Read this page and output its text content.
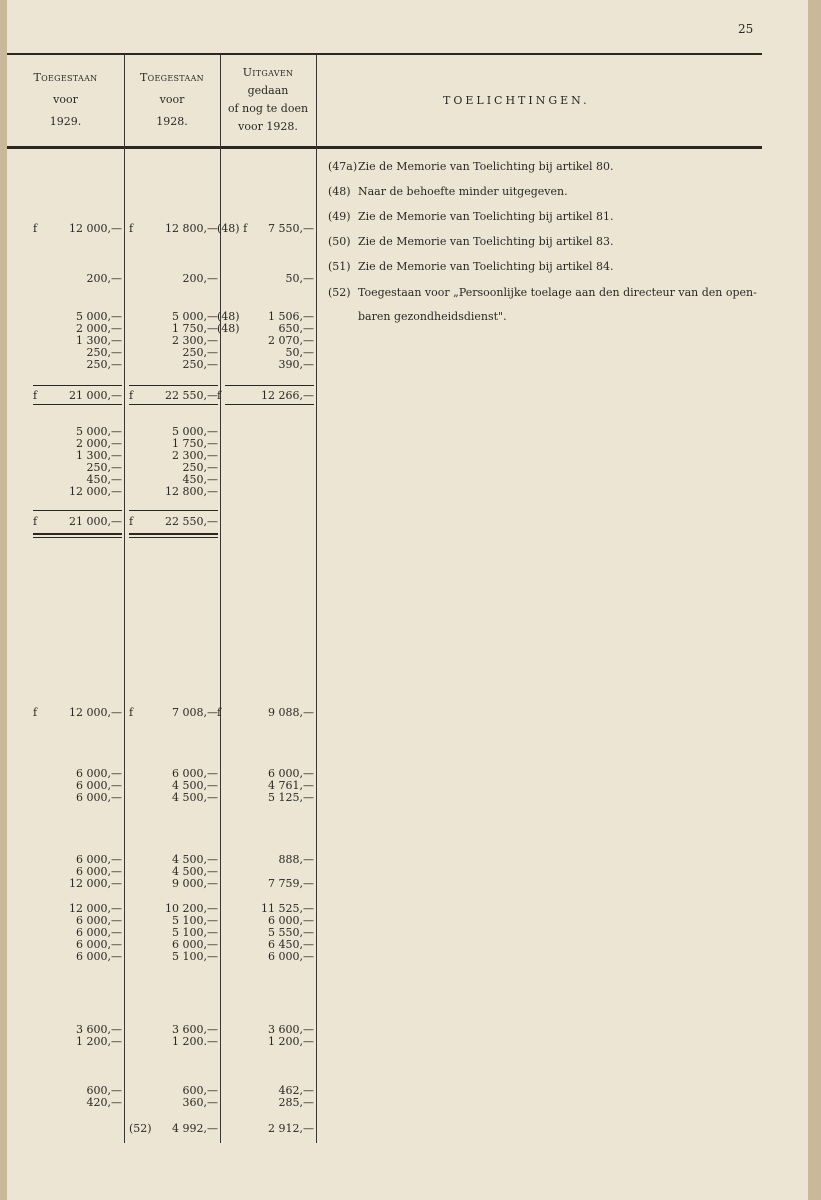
25
Toegestaan
voor
1929.
Toegestaan
voor
1928.
Uitgaven
gedaan
of nog te doen
voor 1928.
TOELICHTINGEN.
f	12 000,— f	12 800,— (48) f	7 550,—
200,—	200,—	50,—
5 000,—	5 000,— (48)	1 506,—
2 000,—	1 750,— (48)	650,—
1 300,—	2 300,—	2 070,—
250,—	250,—	50,—
250,—	250,—	390,—
f	21 000,— f	22 550,— f	12 266,—
5 000,—	5 000,—
2 000,—	1 750,—
1 300,—	2 300,—
250,—	250,—
450,—	450,—
12 000,—	12 800,—
f	21 000,— f	22 550,—
f	12 000,— f	7 008,— f	9 088,—
6 000,—	6 000,—	6 000,—
6 000,—	4 500,—	4 761,—
6 000,—	4 500,—	5 125,—
6 000,—	4 500,—	888,—
6 000,—	4 500,—
12 000,—	9 000,—	7 759,—
12 000,—	10 200,—	11 525,—
6 000,—	5 100,—	6 000,—
6 000,—	5 100,—	5 550,—
6 000,—	6 000,—	6 450,—
6 000,—	5 100,—	6 000,—
3 600,—	3 600,—	3 600,—
1 200,—	1 200.—	1 200,—
600,—	600,—	462,—
420,—	360,—	285,—
(52)	4 992,—	2 912,—
(47a)Zie de Memorie van Toelichting bij artikel 80.
(48) Naar de behoefte minder uitgegeven.
(49) Zie de Memorie van Toelichting bij artikel 81.
(50) Zie de Memorie van Toelichting bij artikel 83.
(51) Zie de Memorie van Toelichting bij artikel 84.
(52) Toegestaan voor „Persoonlijke toelage aan den directeur van den open-
baren gezondheidsdienst".
